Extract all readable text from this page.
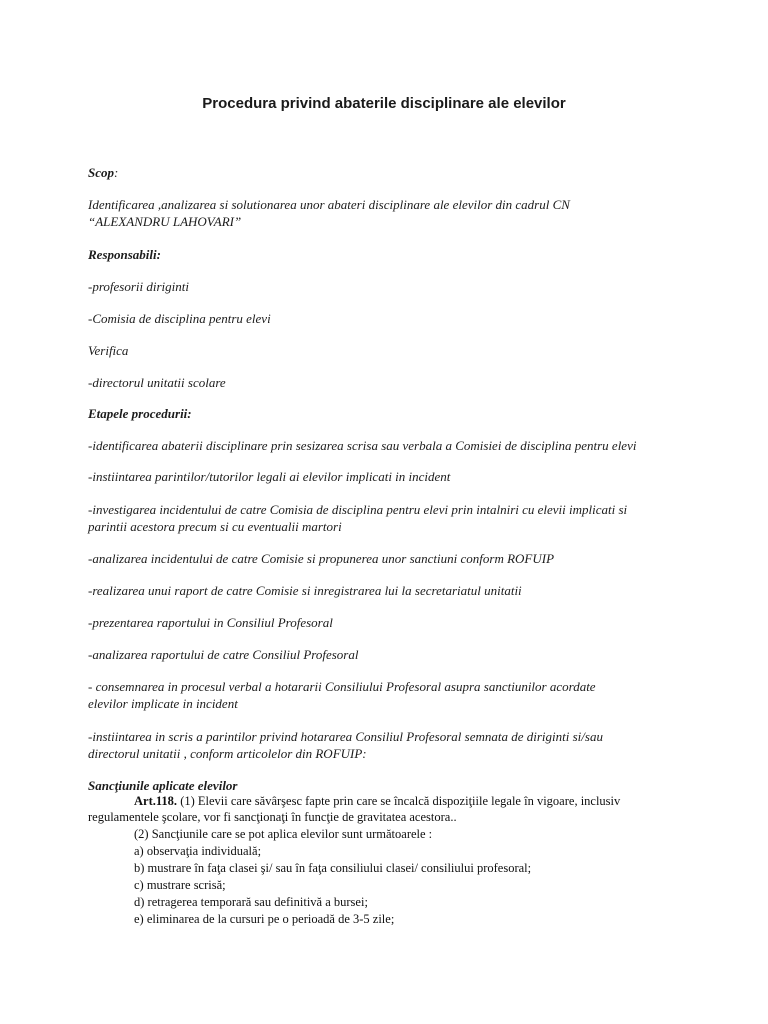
Procedura privind abaterile disciplinare ale elevilor
Scop:
Identificarea ,analizarea si solutionarea unor abateri disciplinare ale elevilor din cadrul CN
“ALEXANDRU LAHOVARI”
Responsabili:
-profesorii diriginti
-Comisia de disciplina pentru elevi
Verifica
-directorul unitatii scolare
Etapele procedurii:
-identificarea abaterii disciplinare prin sesizarea scrisa sau verbala a Comisiei de disciplina pentru elevi
-instiintarea parintilor/tutorilor legali ai elevilor implicati in incident
-investigarea incidentului de catre Comisia de disciplina pentru elevi prin intalniri cu elevii implicati si
parintii acestora precum si cu eventualii martori
-analizarea incidentului de catre Comisie si propunerea unor sanctiuni conform ROFUIP
-realizarea unui raport de catre Comisie si inregistrarea lui la secretariatul unitatii
-prezentarea raportului in Consiliul Profesoral
-analizarea raportului de catre Consiliul Profesoral
- consemnarea in procesul verbal a hotararii Consiliului Profesoral asupra sanctiunilor acordate
elevilor implicate in incident
-instiintarea in scris a parintilor privind hotararea Consiliul Profesoral semnata de diriginti si/sau
directorul unitatii , conform articolelor din ROFUIP:
Sancţiunile aplicate elevilor
Art.118. (1) Elevii care săvârşesc fapte prin care se încalcă dispoziţiile legale în vigoare, inclusiv
regulamentele şcolare, vor fi sancţionaţi în funcţie de gravitatea acestora..
(2) Sancţiunile care se pot aplica elevilor sunt următoarele :
a) observaţia individuală;
b) mustrare în faţa clasei şi/ sau în faţa consiliului clasei/ consiliului profesoral;
c) mustrare scrisă;
d) retragerea temporară sau definitivă a bursei;
e) eliminarea de la cursuri pe o perioadă de 3-5 zile;
